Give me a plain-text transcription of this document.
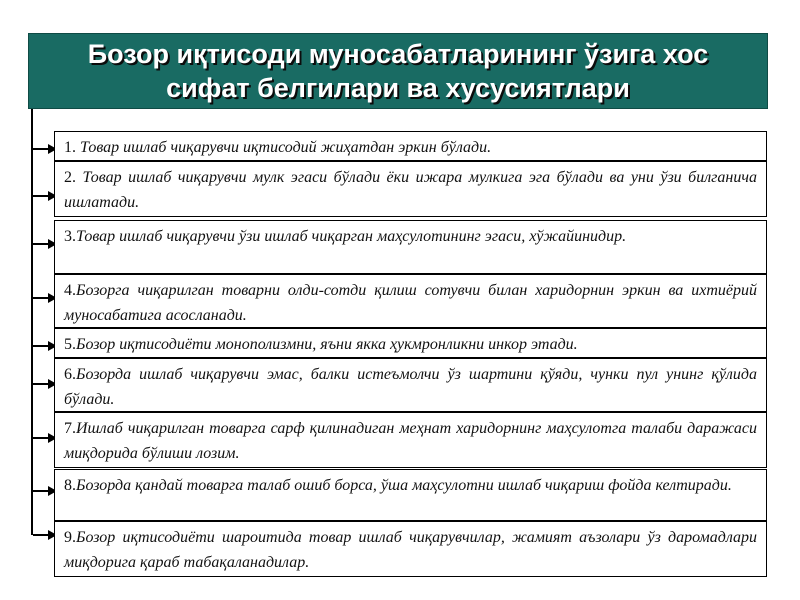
Бозор иқтисоди муносабатларининг ўзига хос
сифат белгилари ва хусусиятлари
1. Товар ишлаб чиқарувчи иқтисодий жиҳатдан эркин бўлади.
2. Товар ишлаб чиқарувчи мулк эгаси бўлади ёки ижара мулкига эга бўлади ва уни ўзи билганича ишлатади.
3.Товар ишлаб чиқарувчи ўзи ишлаб чиқарган маҳсулотининг эгаси, хўжайинидир.
4.Бозорга чиқарилган товарни олди-сотди қилиш сотувчи билан харидорнин эркин ва ихтиёрий муносабатига асосланади.
5.Бозор иқтисодиёти монополизмни, яъни якка ҳукмронликни инкор этади.
6.Бозорда ишлаб чиқарувчи эмас, балки истеъмолчи ўз шартини қўяди, чунки пул унинг қўлида бўлади.
7.Ишлаб чиқарилган товарга сарф қилинадиган меҳнат харидорнинг маҳсулотга талаби даражаси миқдорида бўлиши лозим.
8.Бозорда қандай товарга талаб ошиб борса, ўша маҳсулотни ишлаб чиқариш фойда келтиради.
9.Бозор иқтисодиёти шароитида товар ишлаб чиқарувчилар, жамият аъзолари ўз даромадлари миқдорига қараб табақаланадилар.
